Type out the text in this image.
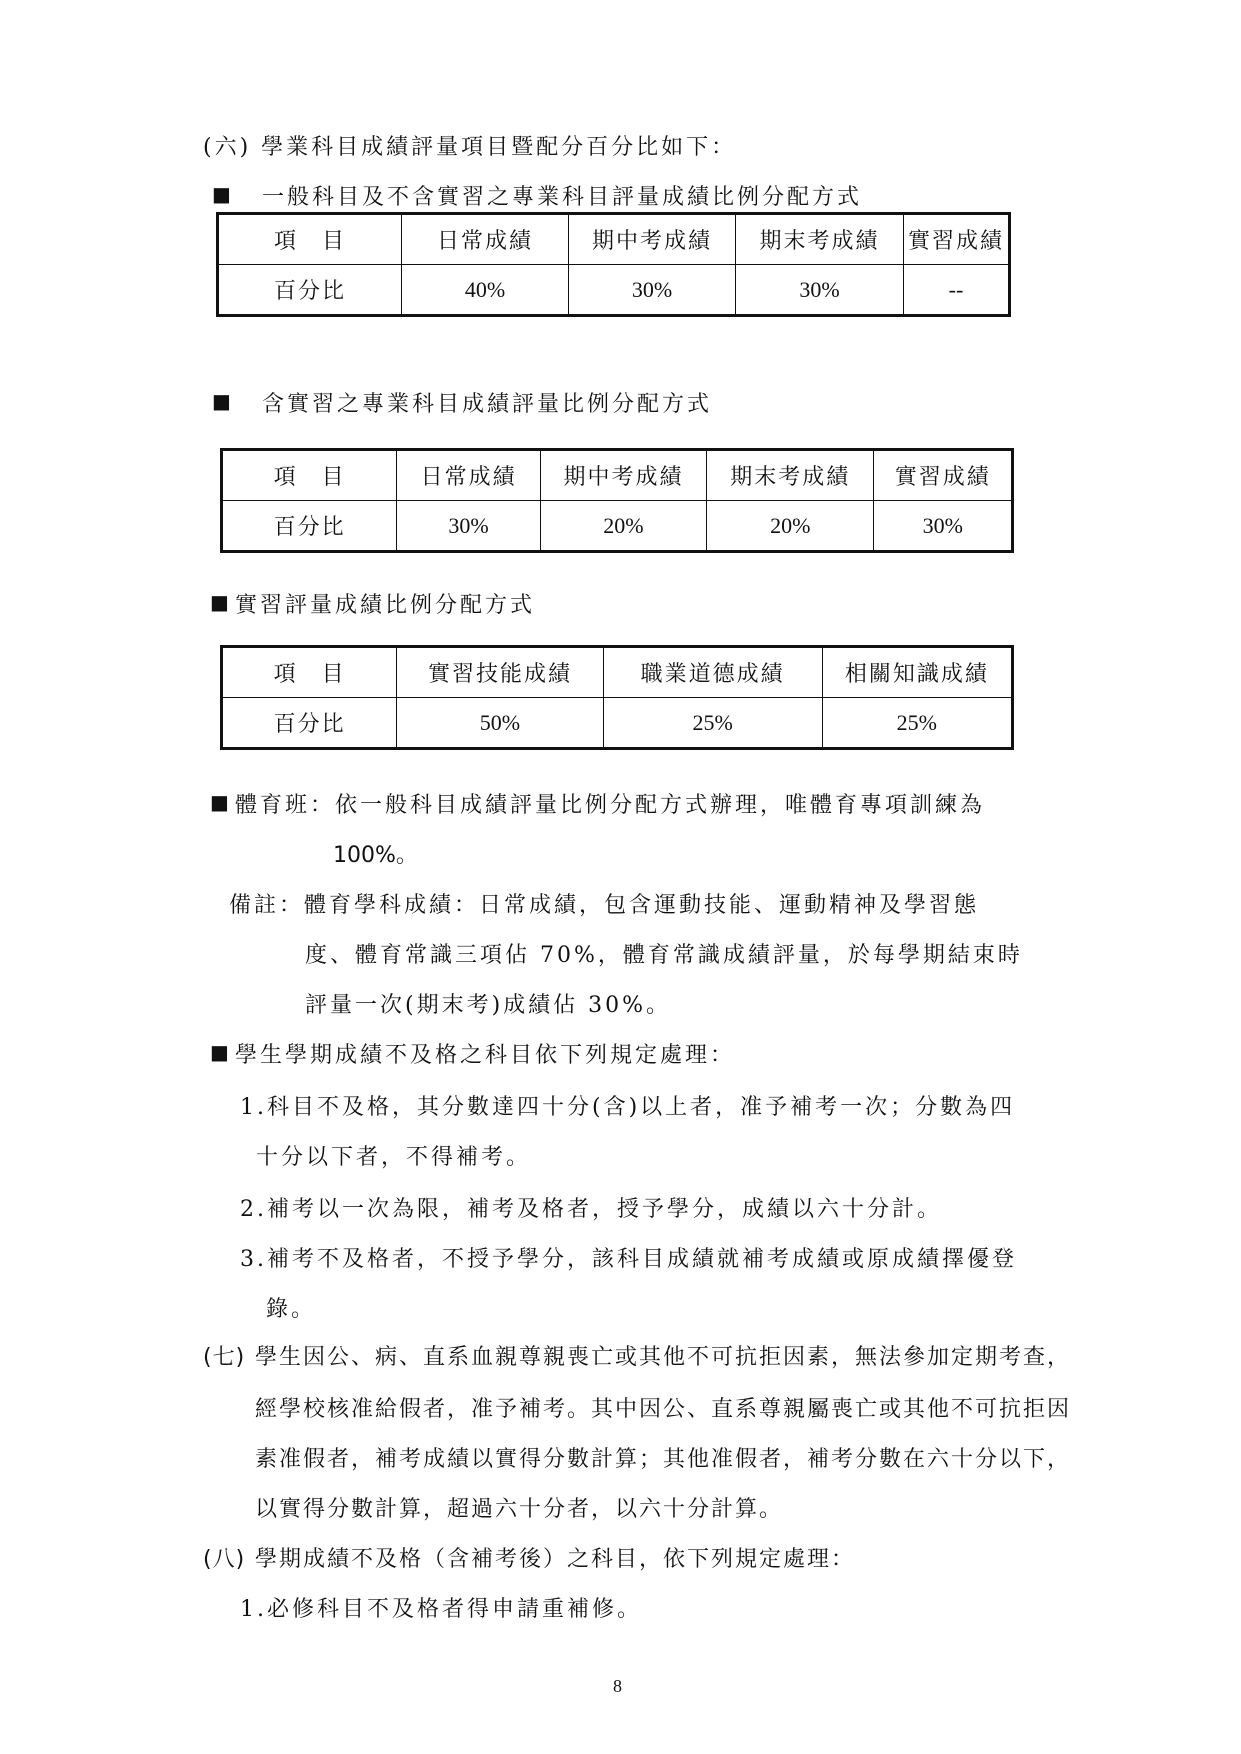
(六) 學業科目成績評量項目暨配分百分比如下：
■ 一般科目及不含實習之專業科目評量成績比例分配方式
項　目	日常成績	期中考成績	期末考成績	實習成績
百分比	40%	30%	30%	--
■ 含實習之專業科目成績評量比例分配方式
項　目	日常成績	期中考成績	期末考成績	實習成績
百分比	30%	20%	20%	30%
■ 實習評量成績比例分配方式
項　目	實習技能成績	職業道德成績	相關知識成績
百分比	50%	25%	25%
■ 體育班：依一般科目成績評量比例分配方式辦理，唯體育專項訓練為
100%。
備註：體育學科成績：日常成績，包含運動技能、運動精神及學習態
度、體育常識三項佔 70%，體育常識成績評量，於每學期結束時
評量一次(期末考)成績佔 30%。
■ 學生學期成績不及格之科目依下列規定處理：
1.科目不及格，其分數達四十分(含)以上者，准予補考一次；分數為四
十分以下者，不得補考。
2.補考以一次為限，補考及格者，授予學分，成績以六十分計。
3.補考不及格者，不授予學分，該科目成績就補考成績或原成績擇優登
錄。
(七) 學生因公、病、直系血親尊親喪亡或其他不可抗拒因素，無法參加定期考查，
經學校核准給假者，准予補考。其中因公、直系尊親屬喪亡或其他不可抗拒因
素准假者，補考成績以實得分數計算；其他准假者，補考分數在六十分以下，
以實得分數計算，超過六十分者，以六十分計算。
(八) 學期成績不及格（含補考後）之科目，依下列規定處理：
1.必修科目不及格者得申請重補修。
8
